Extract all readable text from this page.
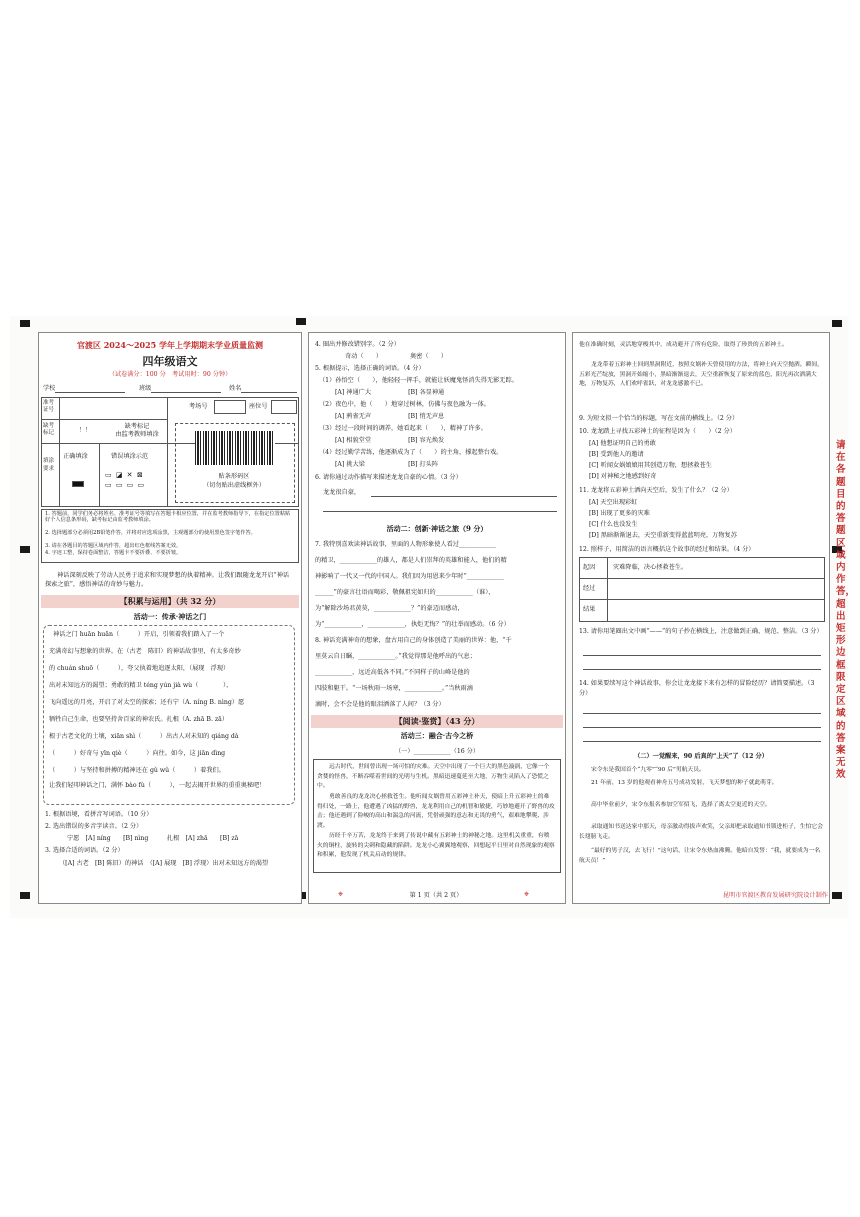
官渡区 2024～2025 学年上学期期末学业质量监测
四年级语文
（试卷满分：100 分　考试用时：90 分钟）
学校	班级	姓名
准考证号	考场号	座位号
缺考标记	！！
缺考标记
由监考教师填涂
填涂要求
正确填涂	错误填涂示范
▭ ◪ ✕ ⊠
▭ ▭ ▭ ▭
贴条形码区
（切勿贴出虚线框外）
1. 答题前，同学们务必将姓名、准考证号等填写在答题卡相应位置，并在监考教师指导下，在指定位置粘贴好个人信息条形码，缺考标记由监考教师填涂。
2. 选择题部分必须用2B铅笔作答，并将对应选项涂黑，主观题部分的使用黑色签字笔作答。
3. 请在各题目的答题区域内作答，超出红色框线答案无效。
4. 字迹工整，保持卷面整洁，答题卡不要折叠、不要折皱。
神话深刻反映了劳动人民勇于追求和实现梦想的执着精神。让我们跟随龙龙开启“神话探索之旅”，感悟神话的奇妙与魅力。
【积累与运用】（共 32 分）
活动一：传承·神话之门
神话之门 huān huān（　　　）开启，引领着我们踏入了一个
充满奇幻与想象的世界。在（古老　陈旧）的神话故事里，有太多奇妙
的 chuán shuō（　　　），夸父执着地追逐太阳，（展现　浮现）
出对未知远方的渴望；勇敢的精卫 téng yún jià wù（　　　　），
飞向遥远的月亮，开启了对太空的探索；还有宁（A. níng B. nìng）愿
牺牲自己生命，也要坚持舍百家的神农氏。扎根（A. zhā B. zā）
根于古老文化的土壤，xiān shì（　　　）出古人对未知的 qiáng dà
（　　　）好奇与 yīn qiè（　　　）向往。如今，这 jiān dìng
（　　　）与坚持和拼搏的精神还在 gǔ wǔ（　　　）着我们。
让我们轻叩神话之门，满怀 bào fù（　　　），一起去揭开世界的重重奥秘吧！
1. 根据语境，看拼音写词语。（10 分）
2. 选出错误的多音字读音。（2 分）
宁愿　[A] níng　　[B] nìng　　　扎根　[A] zhā　　[B] zā
3. 选择合适的词语。（2 分）
（[A] 古老　[B] 陈旧）的神话　（[A] 展现　[B] 浮现）出对未知远方的渴望
4. 圈出并修改错别字。（2 分）
奇动（　　）　　　　　奥密（　　）
5. 根据提示，选择正确的词语。（4 分）
（1）孙悟空（　　），他轻轻一挥手，就能让妖魔鬼怪消失得无影无踪。
[A] 神通广大　　　　　　[B] 各显神通
（2）夜色中，他（　　）地穿过树林，仿佛与夜色融为一体。
[A] 鸦雀无声　　　　　　[B] 悄无声息
（3）经过一段时间的调养，她看起来（　　），精神了许多。
[A] 相貌堂堂　　　　　　[B] 容光焕发
（4）经过勤学苦练，他逐渐成为了（　　）的主角，撑起整台戏。
[A] 挑大梁　　　　　　　[B] 打头阵
6. 请你通过动作描写来描述龙龙自豪的心情。（3 分）
龙龙很自豪，
活动二：创新·神话之旅（9 分）
7. 我特别喜欢读神话故事，里面的人物形象使人看过____________
的精卫，____________的雄人，都是人们崇拜的英雄和能人，他们的精
神影响了一代又一代的中国人。我们因为用恩来少年时“____________
______”的豪言壮语而喝彩，敬佩祖宪如归的____________（谁），
为“解除沙场君黄莫，____________？”的豪迈而感动，
为“____________，____________，执炬无悔？”的壮举而感动。（6 分）
8. 神话充满神奇的想象，盘古用自己的身体创造了美丽的世界：他，“千
里莫云自日瞩，____________。”我觉得那是他呼出的气息；
____________，远近高低各不同。”不同样子的山峰是他的
四肢和躯干。“一场秋雨一场寒，____________。”当秋雨滴
滴时，会不会是他的眼泪洒落了人间？（3 分）
【阅读·鉴赏】（43 分）
活动三：融合·古今之桥
（一）____________（16 分）
远古时代，世间曾出现一场可怕的灾难。天空中出现了一个巨大的黑色漩涡，它像一个贪婪的怪兽，不断吞噬着世间的光明与生机。黑暗迅速蔓延至大地，万物生灵陷入了恐慌之中。
勇敢善良的龙龙决心拯救苍生。他听闻女娲曾用五彩神土补天，使暗上升五彩神土的难得归处，一路上，他遭遇了凶猛的野兽，龙龙利用自己的机智和敏捷，巧妙地避开了野兽的攻击；他还遇到了险峻的高山和湍急的河流，凭借顽强的意志和无畏的勇气，艰难地攀爬、涉渡。
历经千辛万苦，龙龙终于来到了传说中藏有五彩神土的神秘之地。这里机关重重，有喷火的铜柱，旋转的尖刺和隐藏的陷阱。龙龙小心翼翼地观察，回想起平日里对自然现象的观察和积累，他发现了机关启动的规律。
第 1 页（共 2 页）
⌖	⌖
他在准确时刻，灵活地穿梭其中，成功避开了所有危险，取得了珍贵的五彩神土。
龙龙带着五彩神土回到黑洞附近，按照女娲补天曾使用的方法，将神土向天空抛洒。瞬间，五彩光芒绽放，黑洞开始缩小，黑暗渐渐退去，天空重新恢复了原来的蓝色，阳光再次洒满大地，万物复苏，人们欢呼雀跃，对龙龙感激不已。
9. 为短文拟一个恰当的标题，写在文前的横线上。（2 分）
10. 龙龙踏上寻找五彩神土的征程是因为（　　）（2 分）
[A] 他想证明自己的勇敢
[B] 受到他人的邀请
[C] 听闻女娲娘娘用其创造万物，想拯救苍生
[D] 对神秘之地感到好奇
11. 龙龙将五彩神土洒向天空后，发生了什么？（2 分）
[A] 天空出现彩虹
[B] 出现了更多的灾难
[C] 什么也没发生
[D] 黑暗渐渐退去，天空重新变得蓝蓝明亮，万物复苏
12. 照样子，用简洁的语言概括这个故事的经过和结果。（4 分）
起因	灾难降临，决心拯救苍生。
经过
结果
13. 请你用笔圈出文中画“——”的句子抄在横线上，注意做到正确、规范、整洁。（3 分）
14. 如果要续写这个神话故事，你会让龙龙接下来有怎样的冒险经历？请简要描述。（3 分）
（二）一觉醒来，90 后真的“上天”了（12 分）
宋令东是我国首个“九零”“90 后”男航天员。
21 年前，13 岁的他观看神舟五号成功发射，飞天梦想的种子就此萌芽。
高中毕业前夕，宋令东报名参加空军招飞，选择了离太空更近的天空。
录取通知书送达家中那天，母亲激动得拔声欢笑，父亲却把录取通知书锁进柜子，生怕它会长翅膀飞走。
“最好的男子汉，去飞行！”这句话，让宋令东热血沸腾。他暗自发誓：“我，就要成为一名航天员！”
昆明市官渡区教育发展研究院设计制作
请在各题目的答题区域内作答，超出矩形边框限定区域的答案无效
